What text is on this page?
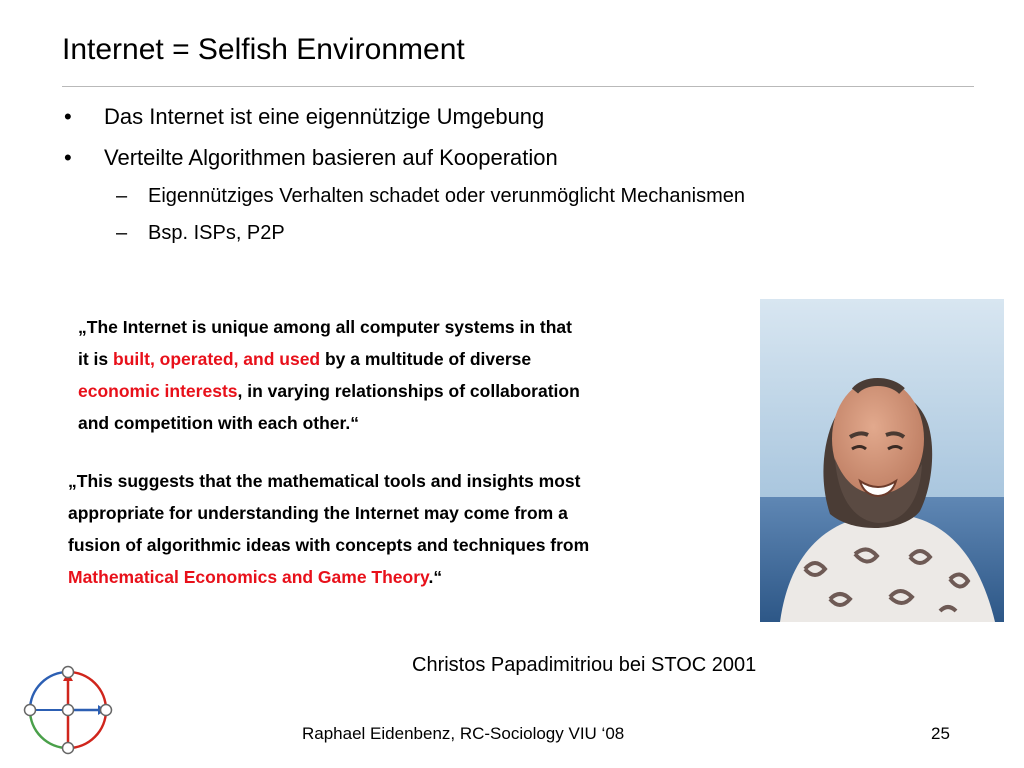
Internet = Selfish Environment
• Das Internet ist eine eigennützige Umgebung
• Verteilte Algorithmen basieren auf Kooperation
– Eigennütziges Verhalten schadet oder verunmöglicht Mechanismen
– Bsp. ISPs, P2P
„The Internet is unique among all computer systems in that
it is built, operated, and used by a multitude of diverse
economic interests, in varying relationships of collaboration
and competition with each other.“
„This suggests that the mathematical tools and insights most
appropriate for understanding the Internet may come from a
fusion of algorithmic ideas with concepts and techniques from
Mathematical Economics and Game Theory.“
Christos Papadimitriou bei STOC 2001
Raphael Eidenbenz, RC-Sociology VIU ‘08	25
